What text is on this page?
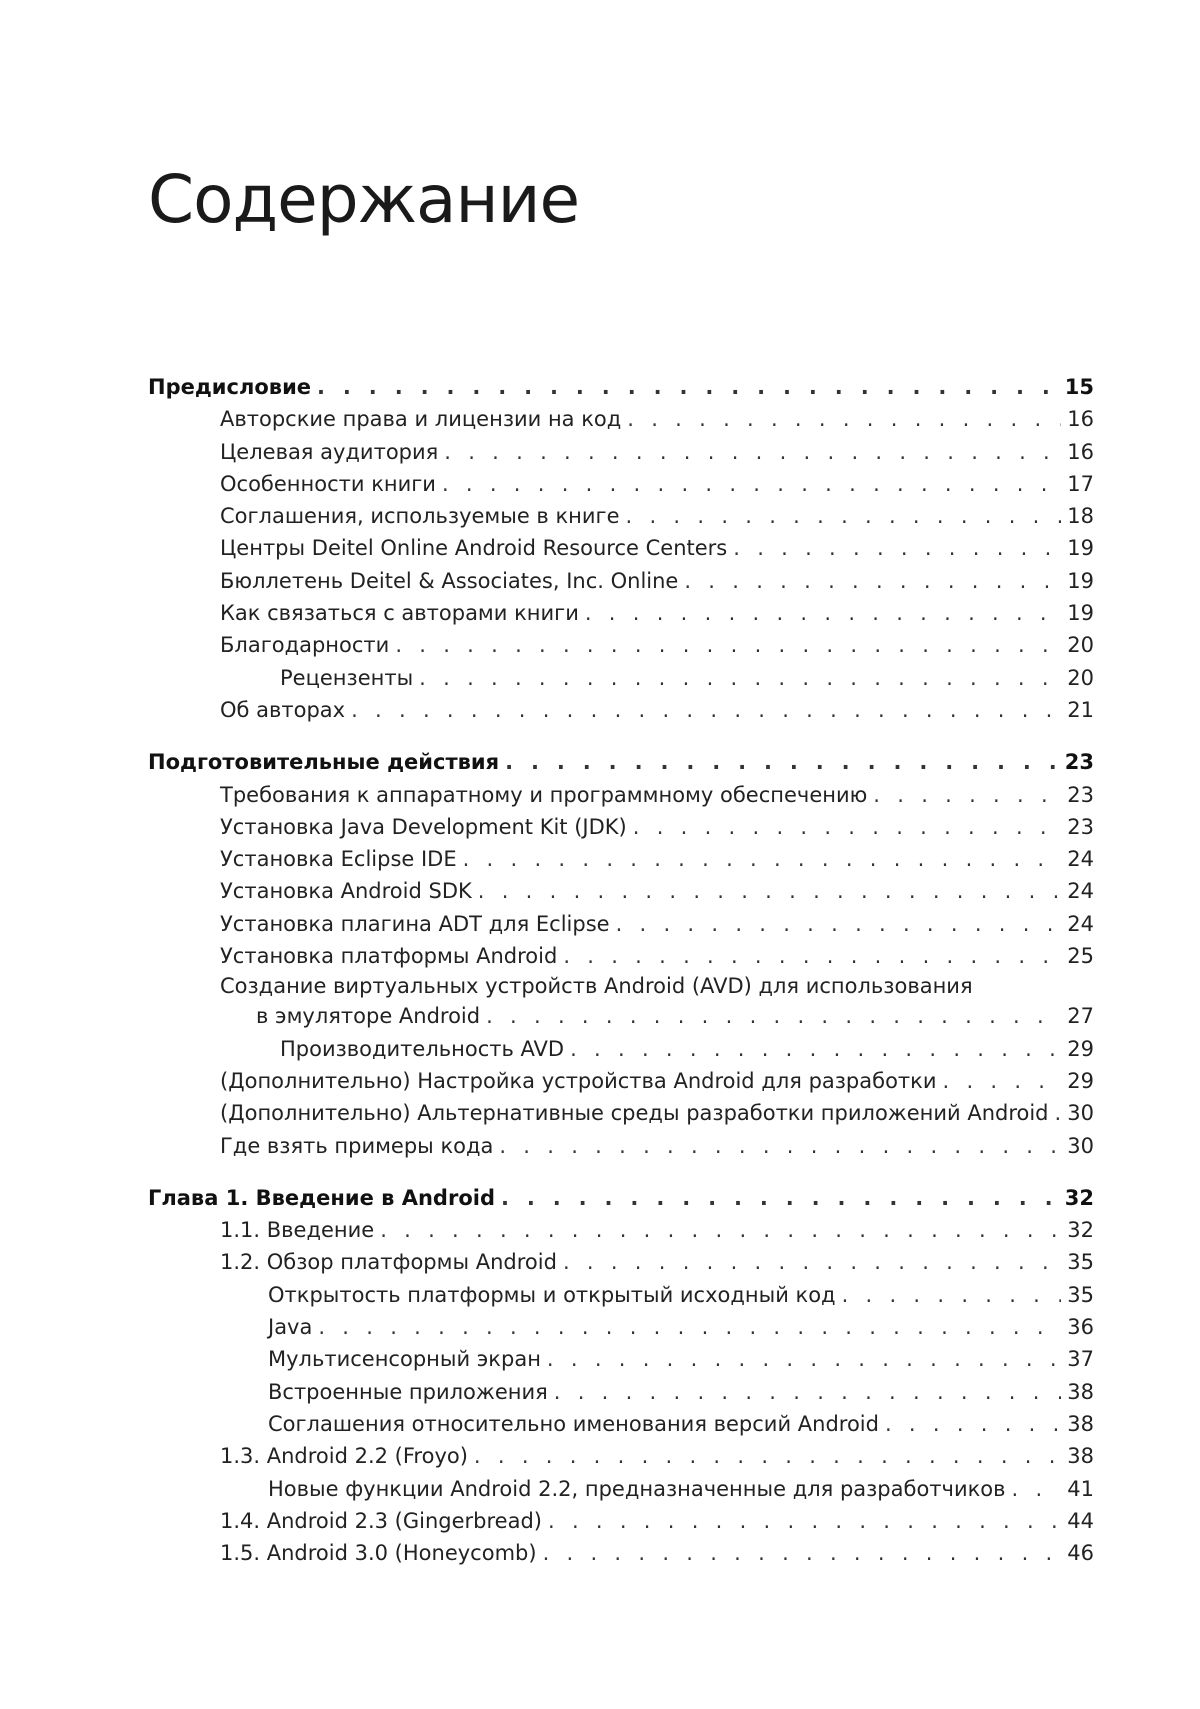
Содержание
Предисловие . . .	15
Авторские права и лицензии на код . . .	16
Целевая аудитория . . .	16
Особенности книги . . .	17
Соглашения, используемые в книге . . .	18
Центры Deitel Online Android Resource Centers . . .	19
Бюллетень Deitel & Associates, Inc. Online . . .	19
Как связаться с авторами книги . . .	19
Благодарности . . .	20
Рецензенты . . .	20
Об авторах . . .	21
Подготовительные действия . . .	23
Требования к аппаратному и программному обеспечению . . .	23
Установка Java Development Kit (JDK) . . .	23
Установка Eclipse IDE . . .	24
Установка Android SDK . . .	24
Установка плагина ADT для Eclipse . . .	24
Установка платформы Android . . .	25
Создание виртуальных устройств Android (AVD) для использования
в эмуляторе Android . . .	27
Производительность AVD . . .	29
(Дополнительно) Настройка устройства Android для разработки . . .	29
(Дополнительно) Альтернативные среды разработки приложений Android . . . 30
Где взять примеры кода . . .	30
Глава 1. Введение в Android . . .	32
1.1. Введение . . .	32
1.2. Обзор платформы Android . . .	35
Открытость платформы и открытый исходный код . . .	35
Java . . .	36
Мультисенсорный экран . . .	37
Встроенные приложения . . .	38
Соглашения относительно именования версий Android . . .	38
1.3. Android 2.2 (Froyo) . . .	38
Новые функции Android 2.2, предназначенные для разработчиков . . .	41
1.4. Android 2.3 (Gingerbread) . . .	44
1.5. Android 3.0 (Honeycomb) . . .	46
